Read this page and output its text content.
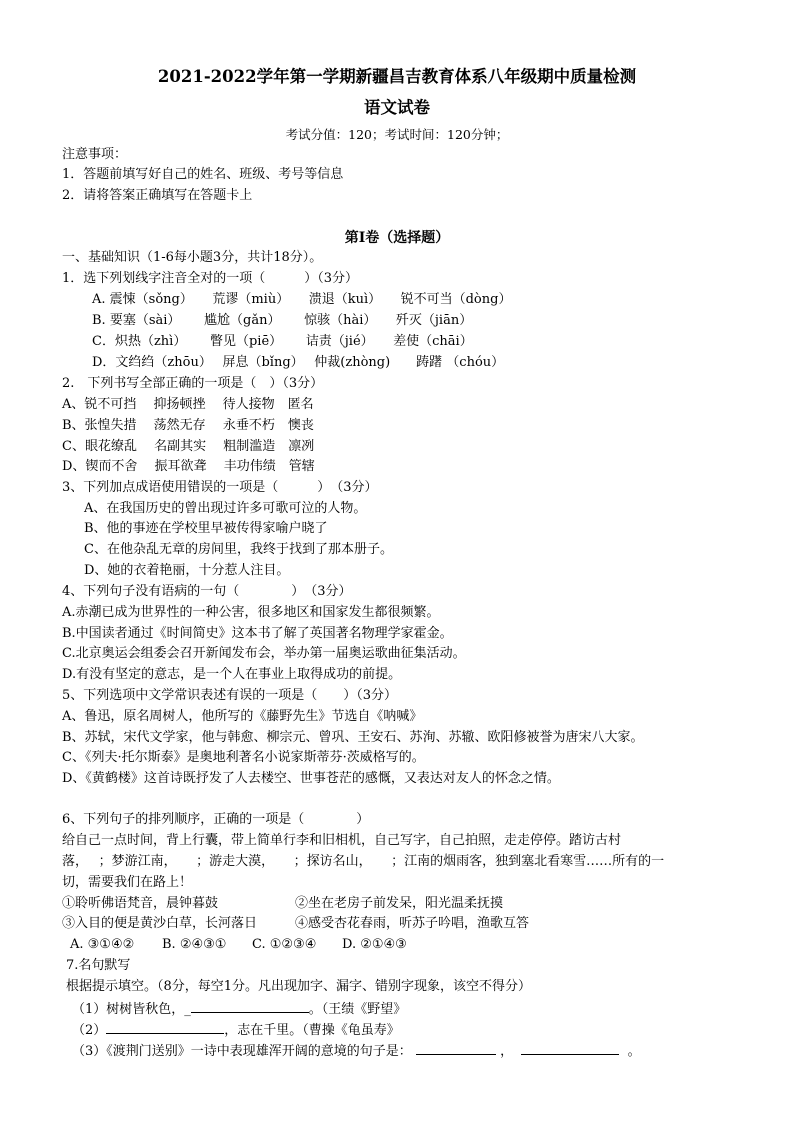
2021-2022学年第一学期新疆昌吉教育体系八年级期中质量检测
语文试卷
考试分值：120；考试时间：120分钟；
注意事项：
1．答题前填写好自己的姓名、班级、考号等信息
2．请将答案正确填写在答题卡上
第I卷（选择题）
一、基础知识（1-6每小题3分，共计18分）。
1．选下列划线字注音全对的一项（　　　）（3分）
A. 震悚（sǒng）　　荒谬（miù）　　溃退（kuì）　　锐不可当（dòng）
B. 要塞（sài）　　 尴尬（gǎn）　　 惊骇（hài）　　歼灭（jiān）
C．炽热（zhì）　　 瞥见（piē）　　 诘责（jié）　　差使（chāi）
D．文绉绉（zhōu）　 屏息（bǐng）　 仲裁(zhòng)　　踌躇 （chóu）
2.　下列书写全部正确的一项是（　）（3分）
A、锐不可挡　 抑扬顿挫　 待人接物　匿名
B、张惶失措　 荡然无存　 永垂不朽　懊丧
C、眼花缭乱　 名副其实　 粗制滥造　凛冽
D、锲而不舍　 振耳欲聋　 丰功伟绩　管辖
3、下列加点成语使用错误的一项是（　　　）　（3分）
A、在我国历史的曾出现过许多可歌可泣的人物。
B、他的事迹在学校里早被传得家喻户晓了
C、在他杂乱无章的房间里，我终于找到了那本册子。
D、她的衣着艳丽，十分惹人注目。
4、下列句子没有语病的一句（　　　　）　（3分）
A.赤潮已成为世界性的一种公害，很多地区和国家发生都很频繁。
B.中国读者通过《时间简史》这本书了解了英国著名物理学家霍金。
C.北京奥运会组委会召开新闻发布会，举办第一届奥运歌曲征集活动。
D.有没有坚定的意志，是一个人在事业上取得成功的前提。
5、下列选项中文学常识表述有误的一项是（　　）（3分）
A、鲁迅，原名周树人，他所写的《藤野先生》节选自《呐喊》
B、苏轼，宋代文学家，他与韩愈、柳宗元、曾巩、王安石、苏洵、苏辙、欧阳修被誉为唐宋八大家。
C、《列夫·托尔斯泰》是奥地利著名小说家斯蒂芬·茨威格写的。
D、《黄鹤楼》这首诗既抒发了人去楼空、世事苍茫的感慨，又表达对友人的怀念之情。
6、下列句子的排列顺序，正确的一项是（　　　　）
给自己一点时间，背上行囊，带上简单行李和旧相机，自己写字，自己拍照，走走停停。踏访古村
落，　 ；梦游江南，　　；游走大漠，　　；探访名山，　　；江南的烟雨客，独到塞北看寒雪……所有的一
切，需要我们在路上！
①聆听佛语梵音，晨钟暮鼓	②坐在老房子前发呆，阳光温柔抚摸
③入目的便是黄沙白草，长河落日	④感受杏花春雨，听苏子吟唱，渔歌互答
A. ③①④② B. ②④③① C. ①②③④ D. ②①④③
7.名句默写
根据提示填空。（8分，每空1分。凡出现加字、漏字、错别字现象，该空不得分）
（1）树树皆秋色，_	。（王绩《野望》
（2）	，志在千里。（曹操《龟虽寿》
（3）《渡荆门送别》一诗中表现雄浑开阔的意境的句子是：	，	。
